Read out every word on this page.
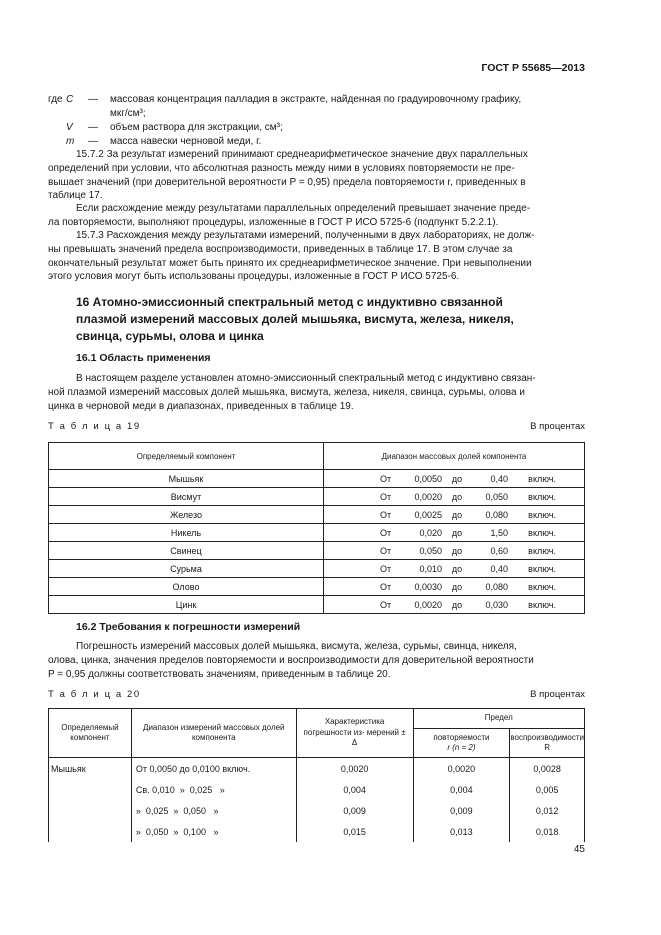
ГОСТ Р 55685—2013
где C — массовая концентрация палладия в экстракте, найденная по градуировочному графику,
мкг/см³;
V — объем раствора для экстракции, см³;
m — масса навески черновой меди, г.
15.7.2 За результат измерений принимают среднеарифметическое значение двух параллельных
определений при условии, что абсолютная разность между ними в условиях повторяемости не пре-
вышает значений (при доверительной вероятности P = 0,95) предела повторяемости r, приведенных в
таблице 17.
Если расхождение между результатами параллельных определений превышает значение преде-
ла повторяемости, выполняют процедуры, изложенные в ГОСТ Р ИСО 5725-6 (подпункт 5.2.2.1).
15.7.3 Расхождения между результатами измерений, полученными в двух лабораториях, не долж-
ны превышать значений предела воспроизводимости, приведенных в таблице 17. В этом случае за
окончательный результат может быть принято их среднеарифметическое значение. При невыполнении
этого условия могут быть использованы процедуры, изложенные в ГОСТ Р ИСО 5725-6.
16 Атомно-эмиссионный спектральный метод с индуктивно связанной
плазмой измерений массовых долей мышьяка, висмута, железа, никеля,
свинца, сурьмы, олова и цинка
16.1 Область применения
В настоящем разделе установлен атомно-эмиссионный спектральный метод с индуктивно связан-
ной плазмой измерений массовых долей мышьяка, висмута, железа, никеля, свинца, сурьмы, олова и
цинка в черновой меди в диапазонах, приведенных в таблице 19.
Т а б л и ц а 19	В процентах
Определяемый компонент	Диапазон массовых долей компонента
Мышьяк	От 0,0050 до 0,40 включ.

Висмут	От 0,0020 до 0,050 включ.

Железо	От 0,0025 до 0,080 включ.

Никель	От 0,020 до 1,50 включ.

Свинец	От 0,050 до 0,60 включ.

Сурьма	От 0,010 до 0,40 включ.

Олово	От 0,0030 до 0,080 включ.

Цинк	От 0,0020 до 0,030 включ.
16.2 Требования к погрешности измерений
Погрешность измерений массовых долей мышьяка, висмута, железа, сурьмы, свинца, никеля,
олова, цинка, значения пределов повторяемости и воспроизводимости для доверительной вероятности
P = 0,95 должны соответствовать значениям, приведенным в таблице 20.
Т а б л и ц а 20	В процентах
Определяемый компонент	Диапазон измерений массовых долей компонента	Характеристика погрешности из- мерений ± Δ	Предел	

			повторяемости
r (n = 2)	воспроизводимости R
Мышьяк	От 0,0050 до 0,0100 включ.	0,0020	0,0020	0,0028
	Св. 0,010  »  0,025   »	0,004	0,004	0,005
	»  0,025  »  0,050   »	0,009	0,009	0,012
	»  0,050  »  0,100   »	0,015	0,013	0,018
45
